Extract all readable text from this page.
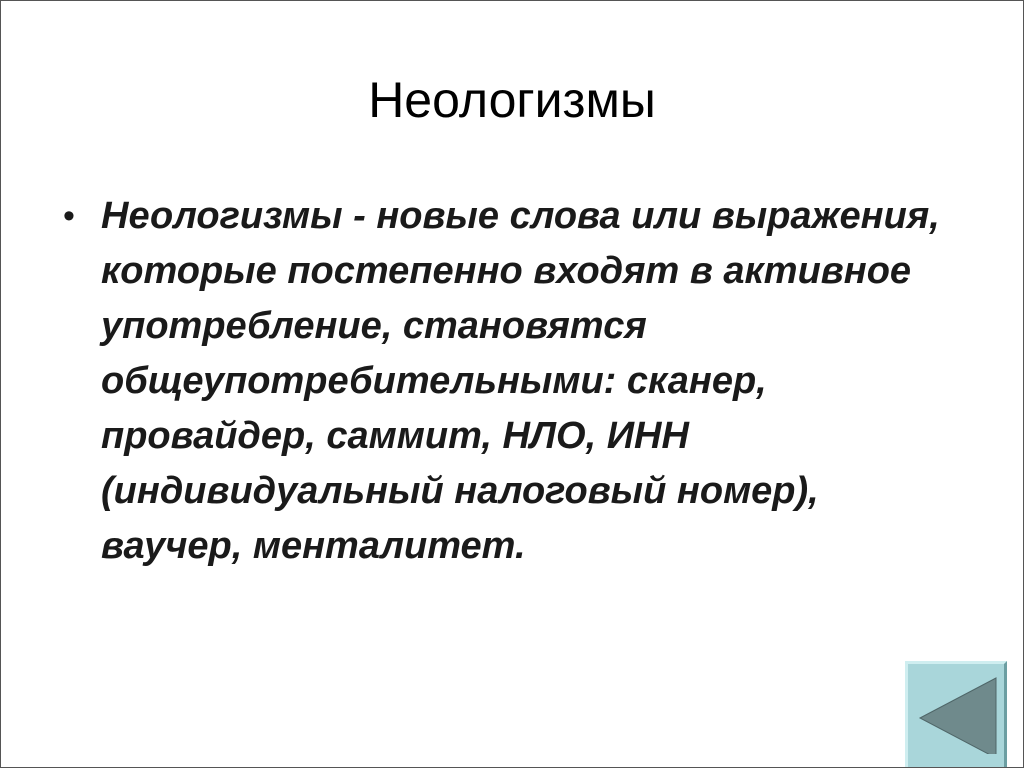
Неологизмы
• Неологизмы - новые слова или выражения, которые постепенно входят в активное употребление, становятся общеупотребительными: сканер, провайдер, саммит, НЛО, ИНН (индивидуальный налоговый номер), ваучер, менталитет.
